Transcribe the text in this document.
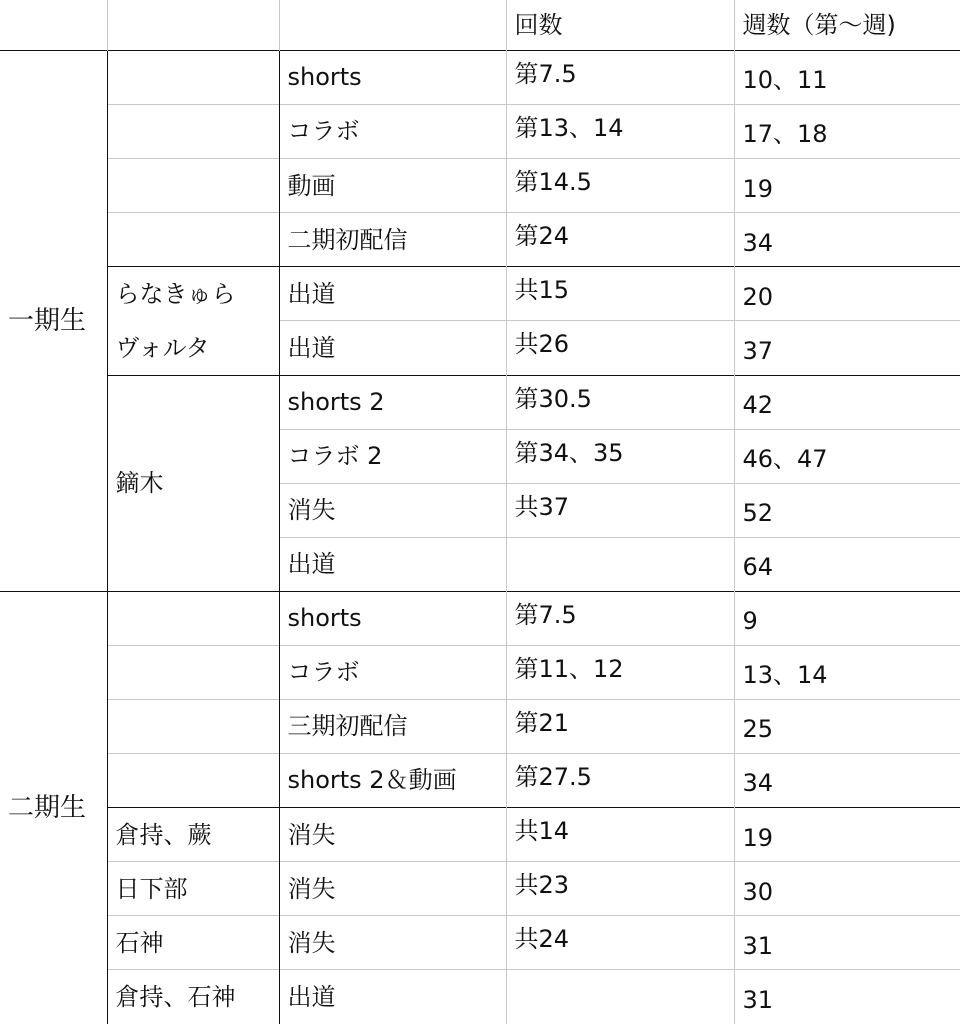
			回数	週数（第〜週)
一期生		shorts	第7.5	10、11
		コラボ	第13、14	17、18
		動画	第14.5	19
		二期初配信	第24	34
	らなきゅら	出道	共15	20
	ヴォルタ	出道	共26	37
	鏑木	shorts 2	第30.5	42
		コラボ 2	第34、35	46、47
		消失	共37	52
		出道		64
二期生		shorts	第7.5	9
		コラボ	第11、12	13、14
		三期初配信	第21	25
		shorts 2＆動画	第27.5	34
	倉持、蕨	消失	共14	19
	日下部	消失	共23	30
	石神	消失	共24	31
	倉持、石神	出道		31
